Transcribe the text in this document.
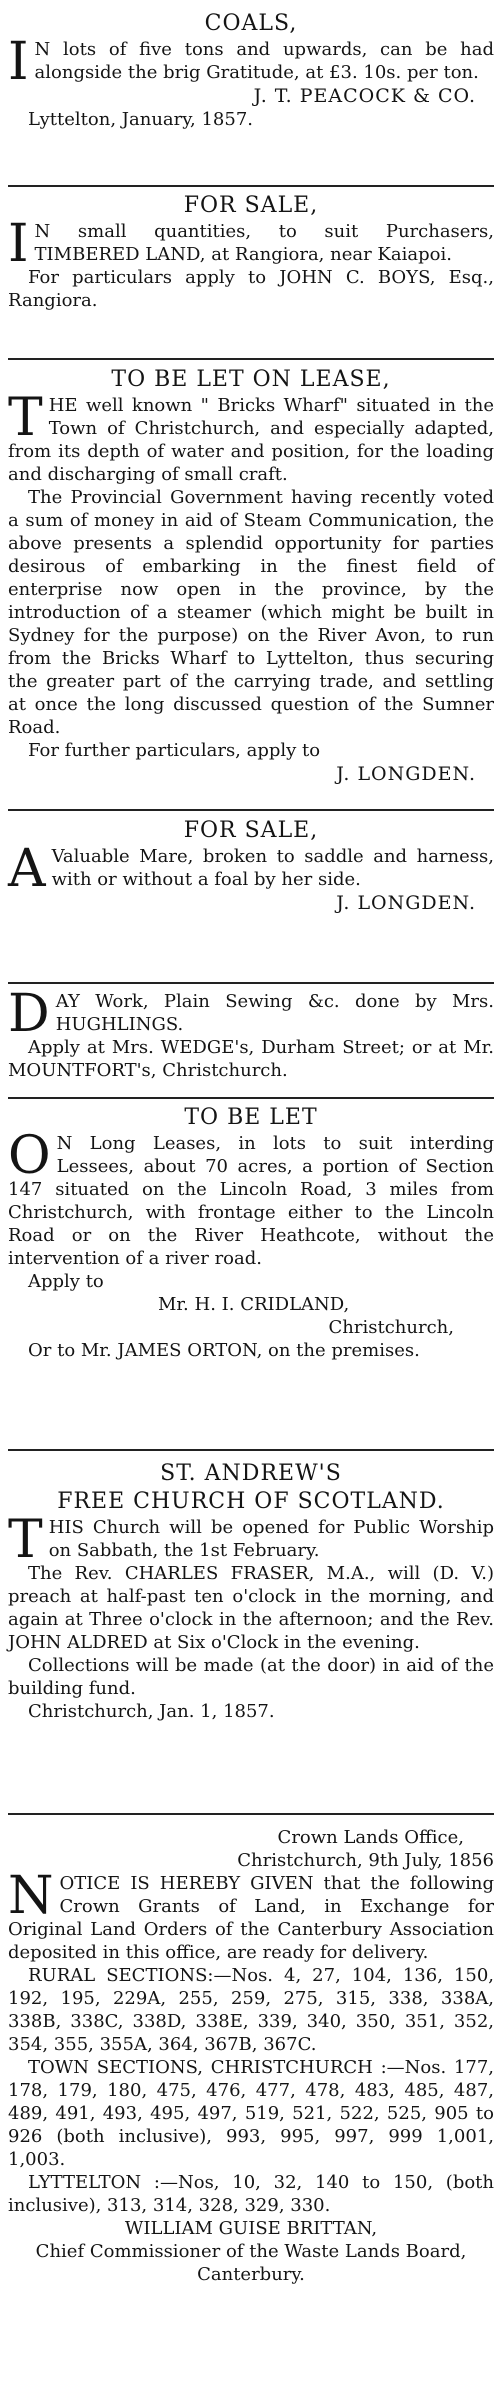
COALS,

I N lots of five tons and upwards, can be had alongside the brig Gratitude, at £3. 10s. per ton.

J. T. PEACOCK & CO.
Lyttelton, January, 1857.
FOR SALE,

I N small quantities, to suit Purchasers, TIMBERED LAND, at Rangiora, near Kaiapoi.

For particulars apply to JOHN C. BOYS, Esq., Rangiora.

TO BE LET ON LEASE,

THE well known " Bricks Wharf" situated in the Town of Christchurch, and especially adapted, from its depth of water and position, for the loading and discharging of small craft.

The Provincial Government having recently voted a sum of money in aid of Steam Communication, the above presents a splendid opportunity for parties desirous of embarking in the finest field of enterprise now open in the province, by the introduction of a steamer (which might be built in Sydney for the purpose) on the River Avon, to run from the Bricks Wharf to Lyttelton, thus securing the greater part of the carrying trade, and settling at once the long discussed question of the Sumner Road.

For further particulars, apply to

J. LONGDEN.
FOR SALE,

A Valuable Mare, broken to saddle and harness, with or without a foal by her side.

J. LONGDEN.

DAY Work, Plain Sewing &c. done by Mrs. HUGHLINGS.

Apply at Mrs. WEDGE's, Durham Street; or at Mr. MOUNTFORT's, Christchurch.

TO BE LET

O N Long Leases, in lots to suit interding Lessees, about 70 acres, a portion of Section 147 situated on the Lincoln Road, 3 miles from Christchurch, with frontage either to the Lincoln Road or on the River Heathcote, without the intervention of a river road.

Apply to

Mr. H. I. CRIDLAND,

Christchurch,

Or to Mr. JAMES ORTON, on the premises.

ST. ANDREW'S
FREE CHURCH OF SCOTLAND.

THIS Church will be opened for Public Worship on Sabbath, the 1st February.

The Rev. CHARLES FRASER, M.A., will (D. V.) preach at half-past ten o'clock in the morning, and again at Three o'clock in the afternoon; and the Rev. JOHN ALDRED at Six o'Clock in the evening.

Collections will be made (at the door) in aid of the building fund.

Christchurch, Jan. 1, 1857.

Crown Lands Office,
Christchurch, 9th July, 1856

NOTICE IS HEREBY GIVEN that the following Crown Grants of Land, in Exchange for Original Land Orders of the Canterbury Association deposited in this office, are ready for delivery.

RURAL SECTIONS:—Nos. 4, 27, 104, 136, 150, 192, 195, 229A, 255, 259, 275, 315, 338, 338A, 338B, 338C, 338D, 338E, 339, 340, 350, 351, 352, 354, 355, 355A, 364, 367B, 367C.

TOWN SECTIONS, CHRISTCHURCH :—Nos. 177, 178, 179, 180, 475, 476, 477, 478, 483, 485, 487, 489, 491, 493, 495, 497, 519, 521, 522, 525, 905 to 926 (both inclusive), 993, 995, 997, 999 1,001, 1,003.

LYTTELTON :—Nos, 10, 32, 140 to 150, (both inclusive), 313, 314, 328, 329, 330.

WILLIAM GUISE BRITTAN,
Chief Commissioner of the Waste Lands Board,
Canterbury.
